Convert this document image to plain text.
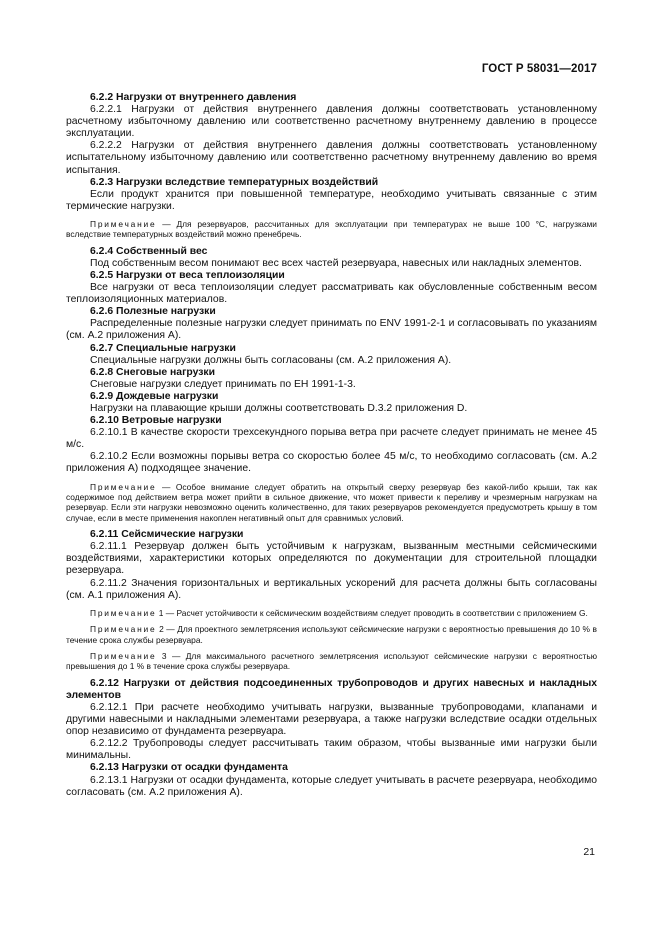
ГОСТ Р 58031—2017

6.2.2 Нагрузки от внутреннего давления

6.2.2.1 Нагрузки от действия внутреннего давления должны соответствовать установленному расчетному избыточному давлению или соответственно расчетному внутреннему давлению в процессе эксплуатации.

6.2.2.2 Нагрузки от действия внутреннего давления должны соответствовать установленному испытательному избыточному давлению или соответственно расчетному внутреннему давлению во время испытания.

6.2.3 Нагрузки вследствие температурных воздействий

Если продукт хранится при повышенной температуре, необходимо учитывать связанные с этим термические нагрузки.

Примечание — Для резервуаров, рассчитанных для эксплуатации при температурах не выше 100 °С, нагрузками вследствие температурных воздействий можно пренебречь.

6.2.4 Собственный вес

Под собственным весом понимают вес всех частей резервуара, навесных или накладных элементов.

6.2.5 Нагрузки от веса теплоизоляции

Все нагрузки от веса теплоизоляции следует рассматривать как обусловленные собственным весом теплоизоляционных материалов.

6.2.6 Полезные нагрузки

Распределенные полезные нагрузки следует принимать по ENV 1991-2-1 и согласовывать по указаниям (см. А.2 приложения А).

6.2.7 Специальные нагрузки

Специальные нагрузки должны быть согласованы (см. А.2 приложения А).

6.2.8 Снеговые нагрузки

Снеговые нагрузки следует принимать по ЕН 1991-1-3.

6.2.9 Дождевые нагрузки

Нагрузки на плавающие крыши должны соответствовать D.3.2 приложения D.

6.2.10 Ветровые нагрузки

6.2.10.1 В качестве скорости трехсекундного порыва ветра при расчете следует принимать не менее 45 м/с.

6.2.10.2 Если возможны порывы ветра со скоростью более 45 м/с, то необходимо согласовать (см. А.2 приложения А) подходящее значение.

Примечание — Особое внимание следует обратить на открытый сверху резервуар без какой-либо крыши, так как содержимое под действием ветра может прийти в сильное движение, что может привести к переливу и чрезмерным нагрузкам на резервуар. Если эти нагрузки невозможно оценить количественно, для таких резервуаров рекомендуется предусмотреть крышу в том случае, если в месте применения накоплен негативный опыт для сравнимых условий.

6.2.11 Сейсмические нагрузки

6.2.11.1 Резервуар должен быть устойчивым к нагрузкам, вызванным местными сейсмическими воздействиями, характеристики которых определяются по документации для строительной площадки резервуара.

6.2.11.2 Значения горизонтальных и вертикальных ускорений для расчета должны быть согласованы (см. А.1 приложения А).

Примечание 1 — Расчет устойчивости к сейсмическим воздействиям следует проводить в соответствии с приложением G.

Примечание 2 — Для проектного землетрясения используют сейсмические нагрузки с вероятностью превышения до 10 % в течение срока службы резервуара.

Примечание 3 — Для максимального расчетного землетрясения используют сейсмические нагрузки с вероятностью превышения до 1 % в течение срока службы резервуара.

6.2.12 Нагрузки от действия подсоединенных трубопроводов и других навесных и накладных элементов

6.2.12.1 При расчете необходимо учитывать нагрузки, вызванные трубопроводами, клапанами и другими навесными и накладными элементами резервуара, а также нагрузки вследствие осадки отдельных опор независимо от фундамента резервуара.

6.2.12.2 Трубопроводы следует рассчитывать таким образом, чтобы вызванные ими нагрузки были минимальны.

6.2.13 Нагрузки от осадки фундамента

6.2.13.1 Нагрузки от осадки фундамента, которые следует учитывать в расчете резервуара, необходимо согласовать (см. А.2 приложения А).

21
